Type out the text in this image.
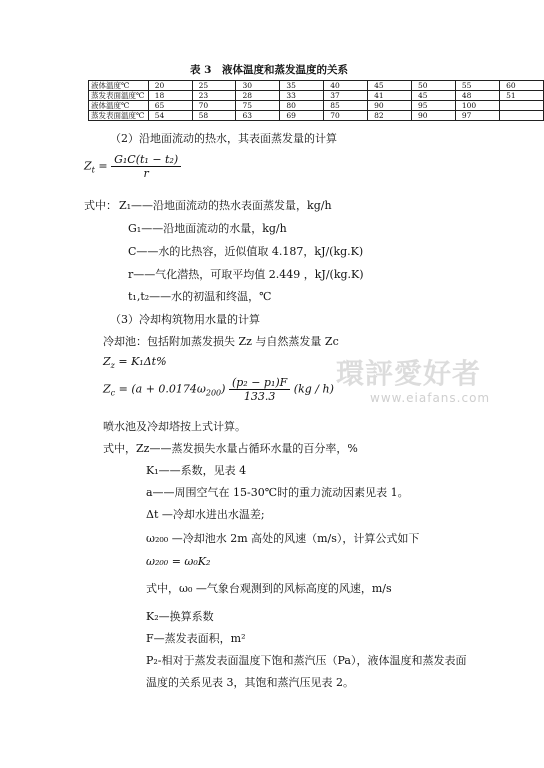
表 3　液体温度和蒸发温度的关系
液体温度℃	20	25	30	35	40	45	50	55	60
蒸发表面温度℃	18	23	28	33	37	41	45	48	51
液体温度℃	65	70	75	80	85	90	95	100	
蒸发表面温度℃	54	58	63	69	70	82	90	97	
（2）沿地面流动的热水，其表面蒸发量的计算
$Z_t = \frac{\text{G₁C(t₁ − t₂)}}{r}$
式中： Z₁——沿地面流动的热水表面蒸发量，kg/h
G₁——沿地面流动的水量，kg/h
C——水的比热容，近似值取 4.187，kJ/(kg.K)
r——气化潜热，可取平均值 2.449 ，kJ/(kg.K)
t₁,t₂——水的初温和终温，℃
（3）冷却构筑物用水量的计算
冷却池：包括附加蒸发损失 Zz 与自然蒸发量 Zc
$Z_z = K_1\Delta t\%$
$Z_c = (a + 0.0174\omega_{200}) \frac{\text{(p₂ − p₁)F}}{133.3} (kg / h)$ 環評愛好者
www.eiafans.com
喷水池及冷却塔按上式计算。
式中，Zz——蒸发损失水量占循环水量的百分率，%
K₁——系数，见表 4
a——周围空气在 15-30℃时的重力流动因素见表 1。
Δt —冷却水进出水温差;
ω₂₀₀ —冷却池水 2m 高处的风速（m/s），计算公式如下
ω₂₀₀ = ω₀K₂
式中，ω₀ —气象台观测到的风标高度的风速，m/s
K₂—换算系数
F—蒸发表面积，m²
P₂-相对于蒸发表面温度下饱和蒸汽压（Pa），液体温度和蒸发表面
温度的关系见表 3，其饱和蒸汽压见表 2。
